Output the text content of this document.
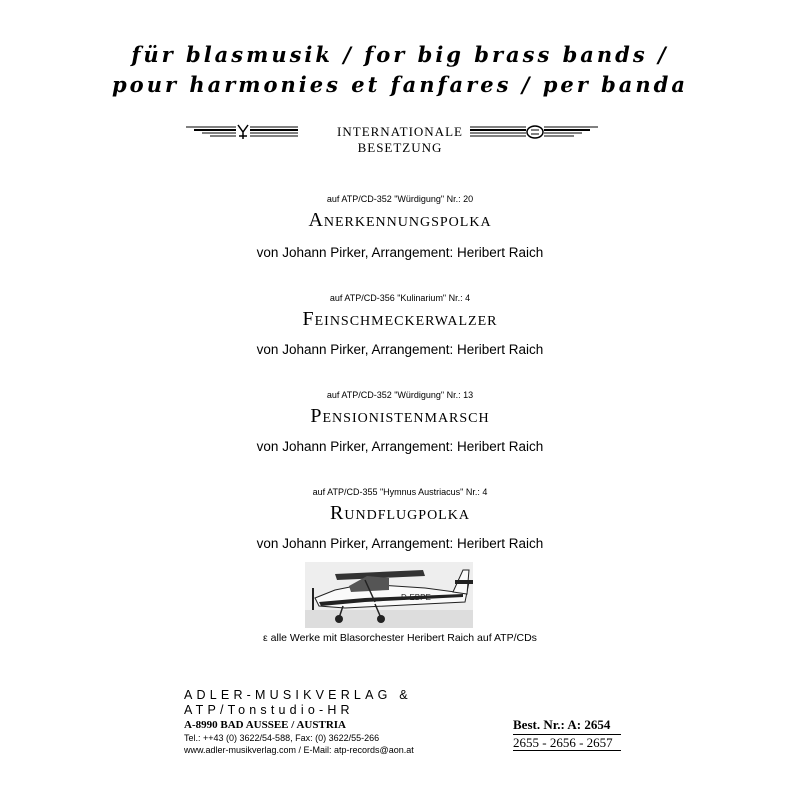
für blasmusik / for big brass bands /
pour harmonies et fanfares / per banda
INTERNATIONALE
BESETZUNG
auf ATP/CD-352 "Würdigung" Nr.: 20
Anerkennungspolka
von Johann Pirker, Arrangement: Heribert Raich
auf ATP/CD-356 "Kulinarium" Nr.: 4
Feinschmeckerwalzer
von Johann Pirker, Arrangement: Heribert Raich
auf ATP/CD-352 "Würdigung" Nr.: 13
Pensionistenmarsch
von Johann Pirker, Arrangement: Heribert Raich
auf ATP/CD-355 "Hymnus Austriacus" Nr.: 4
Rundflugpolka
von Johann Pirker, Arrangement: Heribert Raich
D-EBPE
ε alle Werke mit Blasorchester Heribert Raich auf ATP/CDs
ADLER-MUSIKVERLAG &
ATP/Tonstudio-HR
A-8990 BAD AUSSEE / AUSTRIA
Tel.: ++43 (0) 3622/54-588, Fax: (0) 3622/55-266
www.adler-musikverlag.com / E-Mail: atp-records@aon.at
Best. Nr.: A: 2654
2655 - 2656 - 2657
